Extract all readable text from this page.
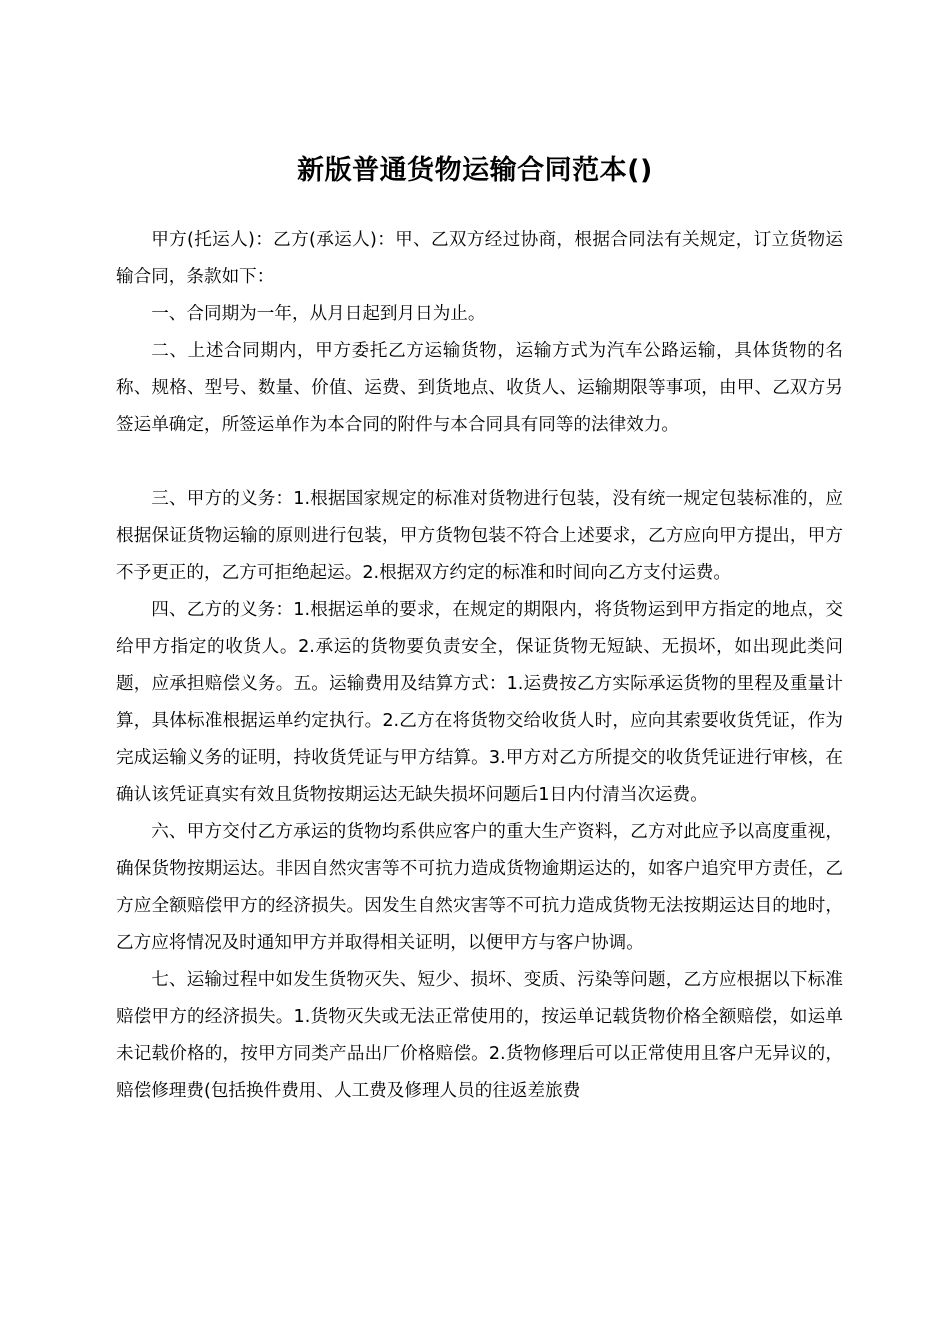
新版普通货物运输合同范本()

甲方(托运人)：乙方(承运人)：甲、乙双方经过协商，根据合同法有关规定，订立货物运输合同，条款如下：

一、合同期为一年，从月日起到月日为止。

二、上述合同期内，甲方委托乙方运输货物，运输方式为汽车公路运输，具体货物的名称、规格、型号、数量、价值、运费、到货地点、收货人、运输期限等事项，由甲、乙双方另签运单确定，所签运单作为本合同的附件与本合同具有同等的法律效力。

三、甲方的义务：1.根据国家规定的标准对货物进行包装，没有统一规定包装标准的，应根据保证货物运输的原则进行包装，甲方货物包装不符合上述要求，乙方应向甲方提出，甲方不予更正的，乙方可拒绝起运。2.根据双方约定的标准和时间向乙方支付运费。

四、乙方的义务：1.根据运单的要求，在规定的期限内，将货物运到甲方指定的地点，交给甲方指定的收货人。2.承运的货物要负责安全，保证货物无短缺、无损坏，如出现此类问题，应承担赔偿义务。五。运输费用及结算方式：1.运费按乙方实际承运货物的里程及重量计算，具体标准根据运单约定执行。2.乙方在将货物交给收货人时，应向其索要收货凭证，作为完成运输义务的证明，持收货凭证与甲方结算。3.甲方对乙方所提交的收货凭证进行审核，在确认该凭证真实有效且货物按期运达无缺失损坏问题后1日内付清当次运费。

六、甲方交付乙方承运的货物均系供应客户的重大生产资料，乙方对此应予以高度重视，确保货物按期运达。非因自然灾害等不可抗力造成货物逾期运达的，如客户追究甲方责任，乙方应全额赔偿甲方的经济损失。因发生自然灾害等不可抗力造成货物无法按期运达目的地时，乙方应将情况及时通知甲方并取得相关证明，以便甲方与客户协调。

七、运输过程中如发生货物灭失、短少、损坏、变质、污染等问题，乙方应根据以下标准赔偿甲方的经济损失。1.货物灭失或无法正常使用的，按运单记载货物价格全额赔偿，如运单未记载价格的，按甲方同类产品出厂价格赔偿。2.货物修理后可以正常使用且客户无异议的，赔偿修理费(包括换件费用、人工费及修理人员的往返差旅费
